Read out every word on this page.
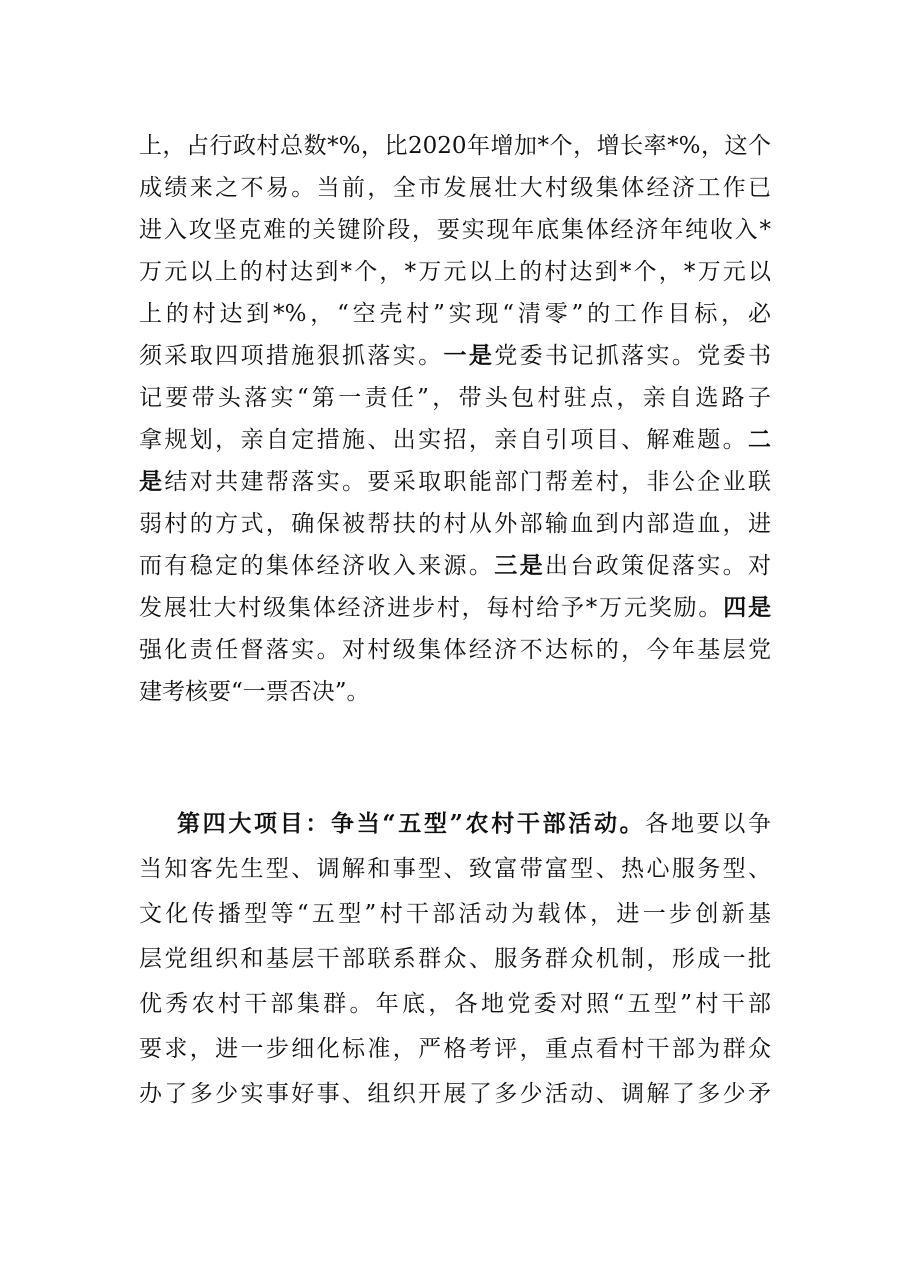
上，占行政村总数*%，比2020年增加*个，增长率*%，这个
成绩来之不易。当前，全市发展壮大村级集体经济工作已
进入攻坚克难的关键阶段，要实现年底集体经济年纯收入*
万元以上的村达到*个，*万元以上的村达到*个，*万元以
上的村达到*%，“空壳村”实现“清零”的工作目标，必
须采取四项措施狠抓落实。一是党委书记抓落实。党委书
记要带头落实“第一责任”，带头包村驻点，亲自选路子
拿规划，亲自定措施、出实招，亲自引项目、解难题。二
是结对共建帮落实。要采取职能部门帮差村，非公企业联
弱村的方式，确保被帮扶的村从外部输血到内部造血，进
而有稳定的集体经济收入来源。三是出台政策促落实。对
发展壮大村级集体经济进步村，每村给予*万元奖励。四是
强化责任督落实。对村级集体经济不达标的，今年基层党
建考核要“一票否决”。
第四大项目：争当“五型”农村干部活动。各地要以争
当知客先生型、调解和事型、致富带富型、热心服务型、
文化传播型等“五型”村干部活动为载体，进一步创新基
层党组织和基层干部联系群众、服务群众机制，形成一批
优秀农村干部集群。年底，各地党委对照“五型”村干部
要求，进一步细化标准，严格考评，重点看村干部为群众
办了多少实事好事、组织开展了多少活动、调解了多少矛
